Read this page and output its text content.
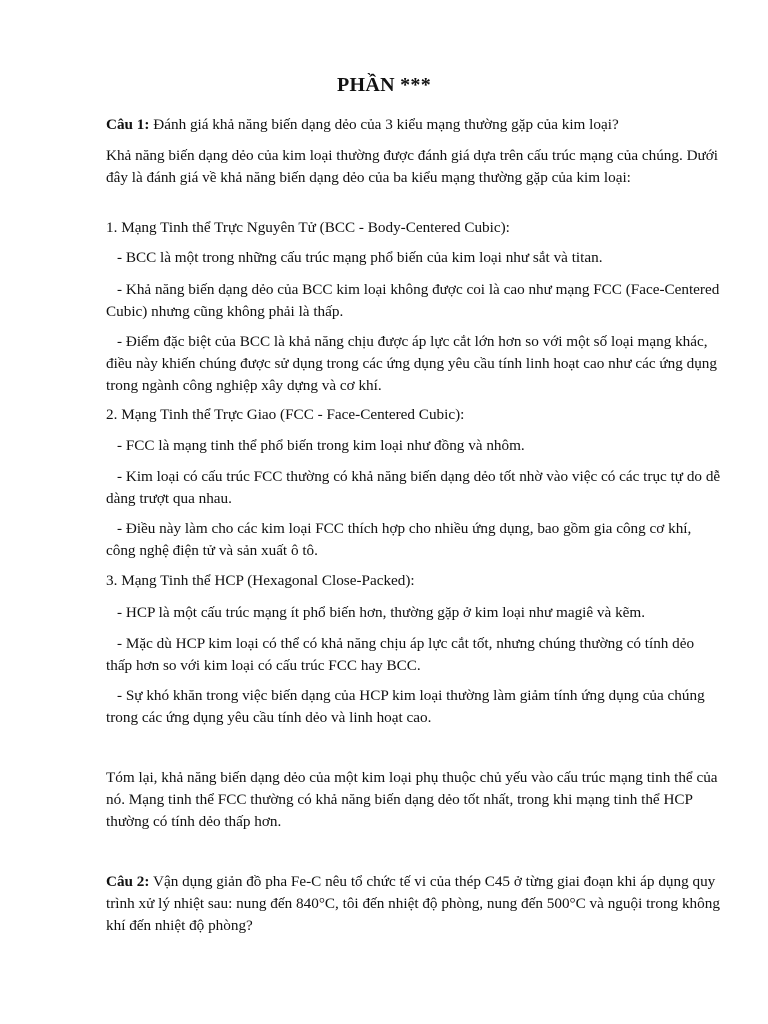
PHẦN ***
Câu 1: Đánh giá khả năng biến dạng dẻo của 3 kiểu mạng thường gặp của kim loại?
Khả năng biến dạng dẻo của kim loại thường được đánh giá dựa trên cấu trúc mạng của chúng. Dưới đây là đánh giá về khả năng biến dạng dẻo của ba kiểu mạng thường gặp của kim loại:
1. Mạng Tinh thể Trực Nguyên Tử (BCC - Body-Centered Cubic):
- BCC là một trong những cấu trúc mạng phổ biến của kim loại như sắt và titan.
- Khả năng biến dạng dẻo của BCC kim loại không được coi là cao như mạng FCC (Face-Centered Cubic) nhưng cũng không phải là thấp.
- Điểm đặc biệt của BCC là khả năng chịu được áp lực cắt lớn hơn so với một số loại mạng khác, điều này khiến chúng được sử dụng trong các ứng dụng yêu cầu tính linh hoạt cao như các ứng dụng trong ngành công nghiệp xây dựng và cơ khí.
2. Mạng Tinh thể Trực Giao (FCC - Face-Centered Cubic):
- FCC là mạng tinh thể phổ biến trong kim loại như đồng và nhôm.
- Kim loại có cấu trúc FCC thường có khả năng biến dạng dẻo tốt nhờ vào việc có các trục tự do dễ dàng trượt qua nhau.
- Điều này làm cho các kim loại FCC thích hợp cho nhiều ứng dụng, bao gồm gia công cơ khí, công nghệ điện tử và sản xuất ô tô.
3. Mạng Tinh thể HCP (Hexagonal Close-Packed):
- HCP là một cấu trúc mạng ít phổ biến hơn, thường gặp ở kim loại như magiê và kẽm.
- Mặc dù HCP kim loại có thể có khả năng chịu áp lực cắt tốt, nhưng chúng thường có tính dẻo thấp hơn so với kim loại có cấu trúc FCC hay BCC.
- Sự khó khăn trong việc biến dạng của HCP kim loại thường làm giảm tính ứng dụng của chúng trong các ứng dụng yêu cầu tính dẻo và linh hoạt cao.
Tóm lại, khả năng biến dạng dẻo của một kim loại phụ thuộc chủ yếu vào cấu trúc mạng tinh thể của nó. Mạng tinh thể FCC thường có khả năng biến dạng dẻo tốt nhất, trong khi mạng tinh thể HCP thường có tính dẻo thấp hơn.
Câu 2: Vận dụng giản đồ pha Fe-C nêu tổ chức tế vi của thép C45 ở từng giai đoạn khi áp dụng quy trình xử lý nhiệt sau: nung đến 840°C, tôi đến nhiệt độ phòng, nung đến 500°C và nguội trong không khí đến nhiệt độ phòng?
